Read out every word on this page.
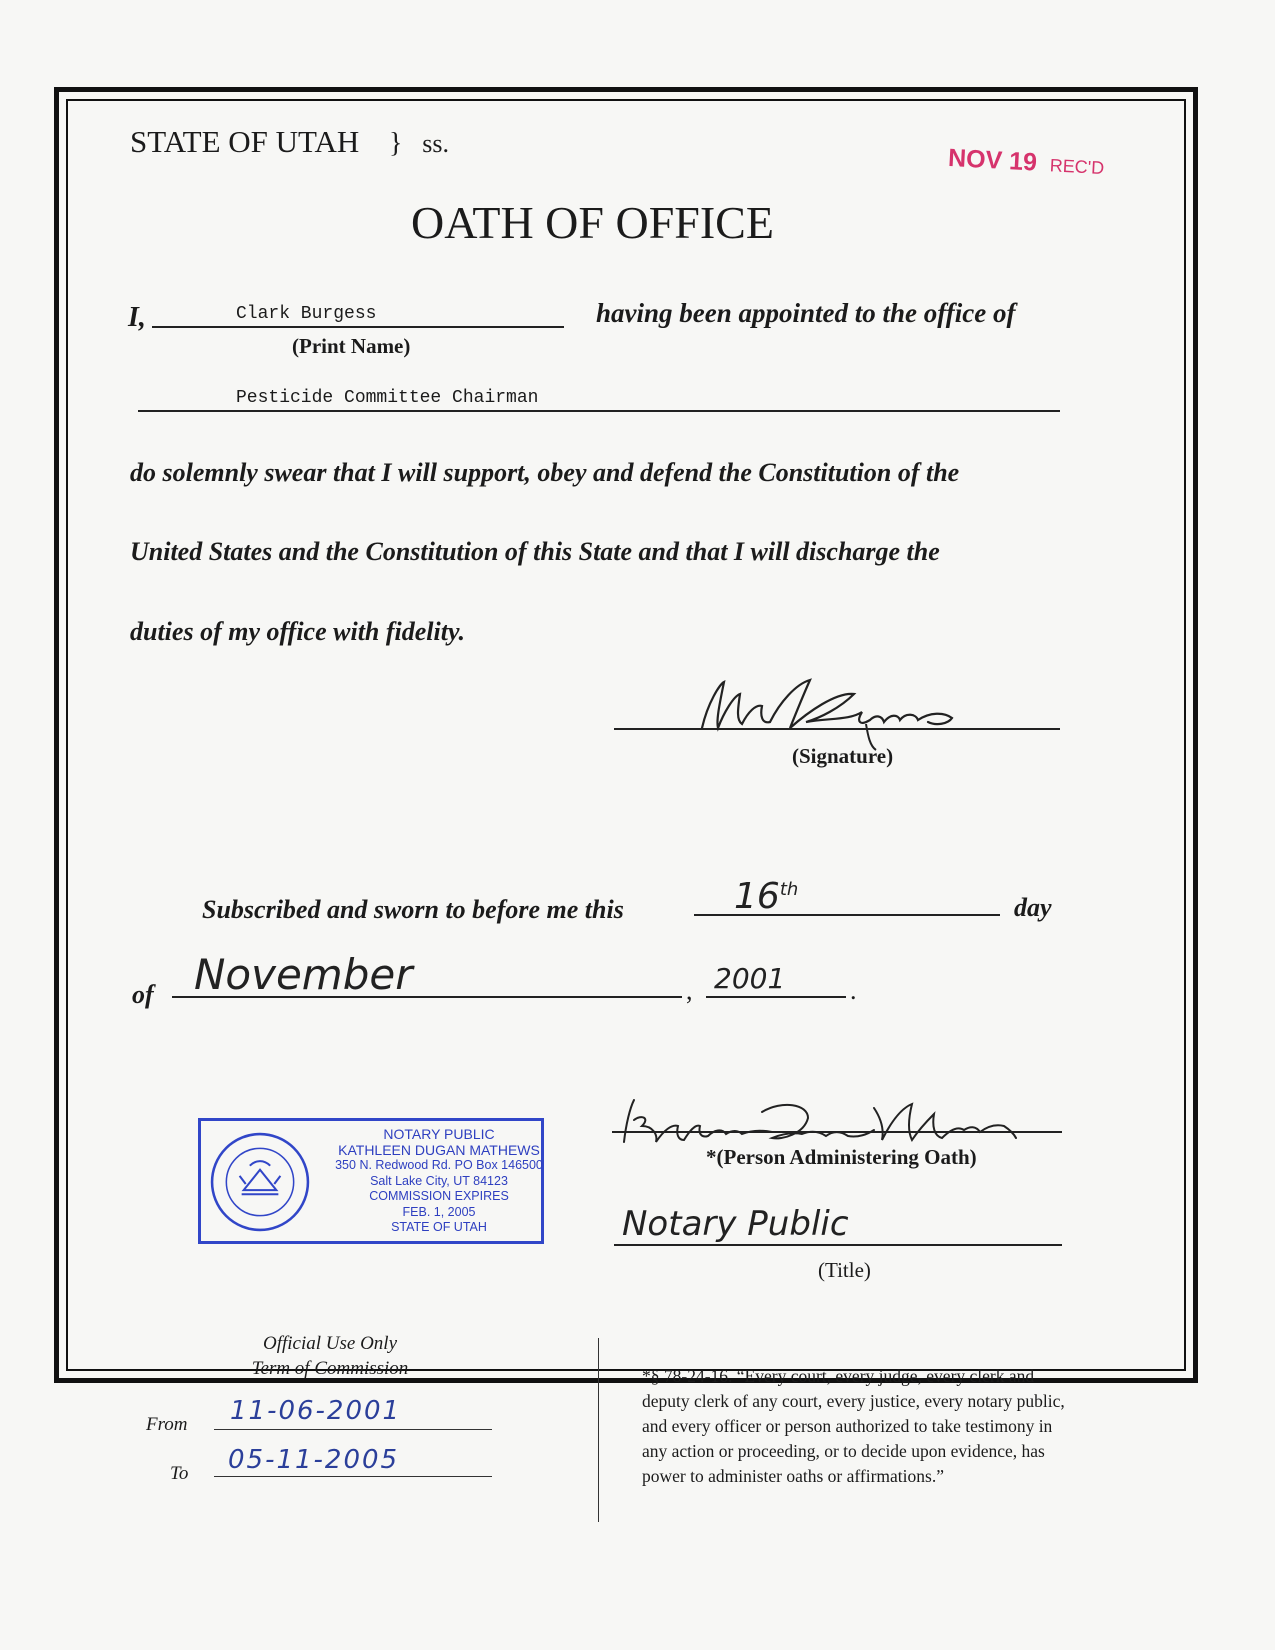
STATE OF UTAH } ss.
NOV 19 REC'D
OATH OF OFFICE
I,	Clark Burgess
(Print Name)
having been appointed to the office of
Pesticide Committee Chairman
do solemnly swear that I will support, obey and defend the Constitution of the
United States and the Constitution of this State and that I will discharge the
duties of my office with fidelity.
(Signature)
Subscribed and sworn to before me this	16th
day
of November	, 2001 .
NOTARY PUBLIC
KATHLEEN DUGAN MATHEWS
350 N. Redwood Rd. PO Box 146500
Salt Lake City, UT 84123
COMMISSION EXPIRES
FEB. 1, 2005
STATE OF UTAH
*(Person Administering Oath)
Notary Public
(Title)
Official Use Only
Term of Commission
From 11-06-2001
To 05-11-2005
*§ 78-24-16. “Every court, every judge, every clerk and
deputy clerk of any court, every justice, every notary public,
and every officer or person authorized to take testimony in
any action or proceeding, or to decide upon evidence, has
power to administer oaths or affirmations.”
